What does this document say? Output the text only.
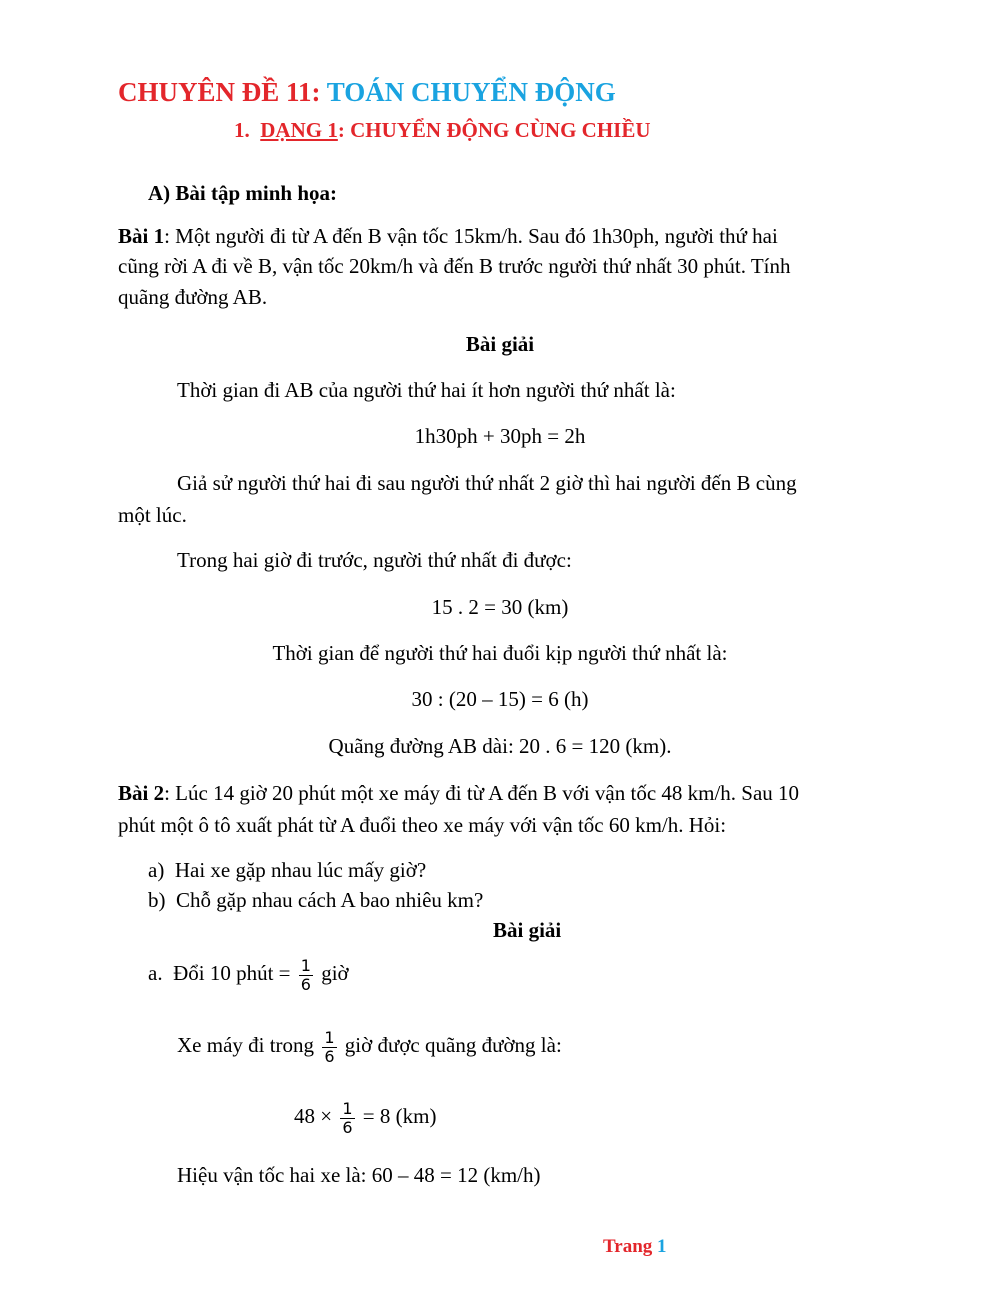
CHUYÊN ĐỀ 11: TOÁN CHUYỂN ĐỘNG
1. DẠNG 1: CHUYỂN ĐỘNG CÙNG CHIỀU
A) Bài tập minh họa:
Bài 1: Một người đi từ A đến B vận tốc 15km/h. Sau đó 1h30ph, người thứ hai
cũng rời A đi về B, vận tốc 20km/h và đến B trước người thứ nhất 30 phút. Tính
quãng đường AB.
Bài giải
Thời gian đi AB của người thứ hai ít hơn người thứ nhất là:
1h30ph + 30ph = 2h
Giả sử người thứ hai đi sau người thứ nhất 2 giờ thì hai người đến B cùng
một lúc.
Trong hai giờ đi trước, người thứ nhất đi được:
15 . 2 = 30 (km)
Thời gian để người thứ hai đuổi kịp người thứ nhất là:
30 : (20 – 15) = 6 (h)
Quãng đường AB dài: 20 . 6 = 120 (km).
Bài 2: Lúc 14 giờ 20 phút một xe máy đi từ A đến B với vận tốc 48 km/h. Sau 10
phút một ô tô xuất phát từ A đuổi theo xe máy với vận tốc 60 km/h. Hỏi:
a) Hai xe gặp nhau lúc mấy giờ?
b) Chỗ gặp nhau cách A bao nhiêu km?
Bài giải
a. Đổi 10 phút = $\frac{1}{6}$ giờ
Xe máy đi trong $\frac{1}{6}$ giờ được quãng đường là:
$48 \times \frac{1}{6} = 8$ (km)
Hiệu vận tốc hai xe là: 60 – 48 = 12 (km/h)
Trang 1
